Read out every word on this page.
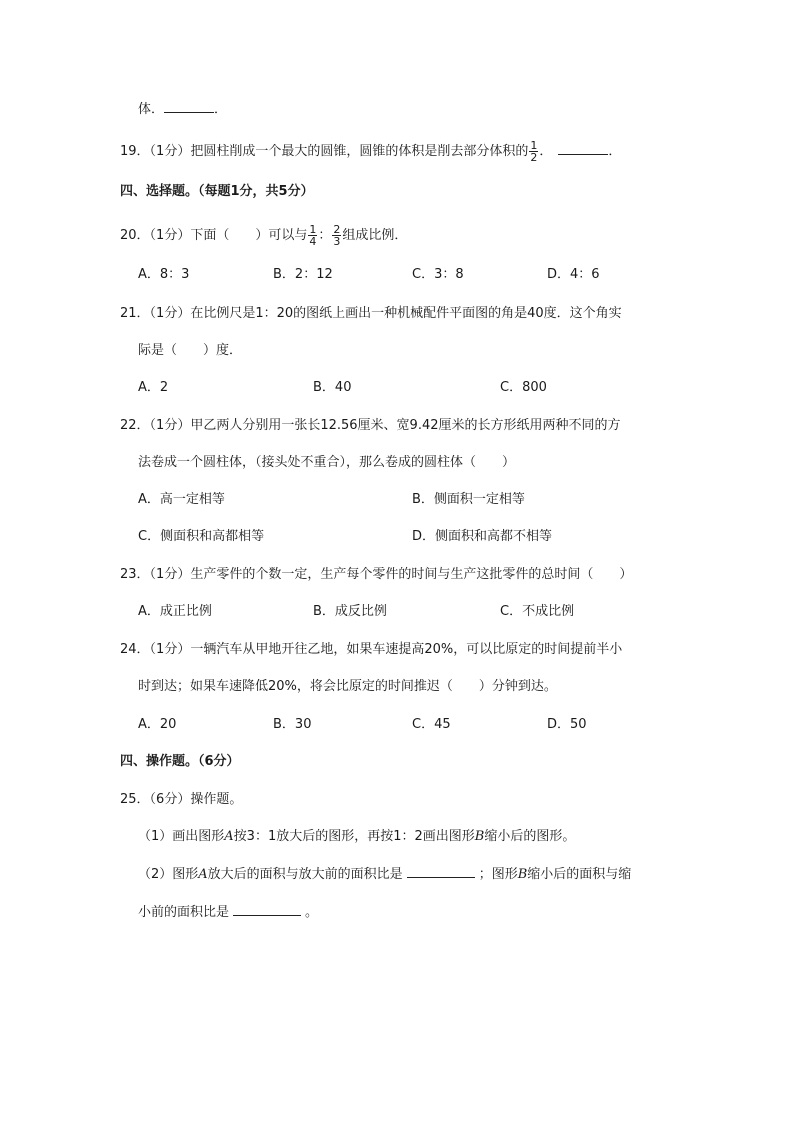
体．	．
19．（1分）把圆柱削成一个最大的圆锥，圆锥的体积是削去部分体积的 $\frac{1}{2}$ ．	．
四、选择题。（每题1分，共5分）
20．（1分）下面（　　）可以与 $\frac{1}{4}$ ： $\frac{2}{3}$ 组成比例．
A．8：3	B．2：12	C．3：8	D．4：6
21．（1分）在比例尺是1：20的图纸上画出一种机械配件平面图的角是40度．这个角实
际是（　　）度．
A．2	B．40	C．800
22．（1分）甲乙两人分别用一张长12.56厘米、宽9.42厘米的长方形纸用两种不同的方
法卷成一个圆柱体，（接头处不重合），那么卷成的圆柱体（　　）
A．高一定相等	B．侧面积一定相等
C．侧面积和高都相等	D．侧面积和高都不相等
23．（1分）生产零件的个数一定，生产每个零件的时间与生产这批零件的总时间（　　）
A．成正比例	B．成反比例	C．不成比例
24．（1分）一辆汽车从甲地开往乙地，如果车速提高20%，可以比原定的时间提前半小
时到达；如果车速降低20%，将会比原定的时间推迟（　　）分钟到达。
A．20	B．30	C．45	D．50
四、操作题。（6分）
25．（6分）操作题。
（1）画出图形A按3：1放大后的图形，再按1：2画出图形B缩小后的图形。
（2）图形A放大后的面积与放大前的面积比是	；图形B缩小后的面积与缩
小前的面积比是	。
